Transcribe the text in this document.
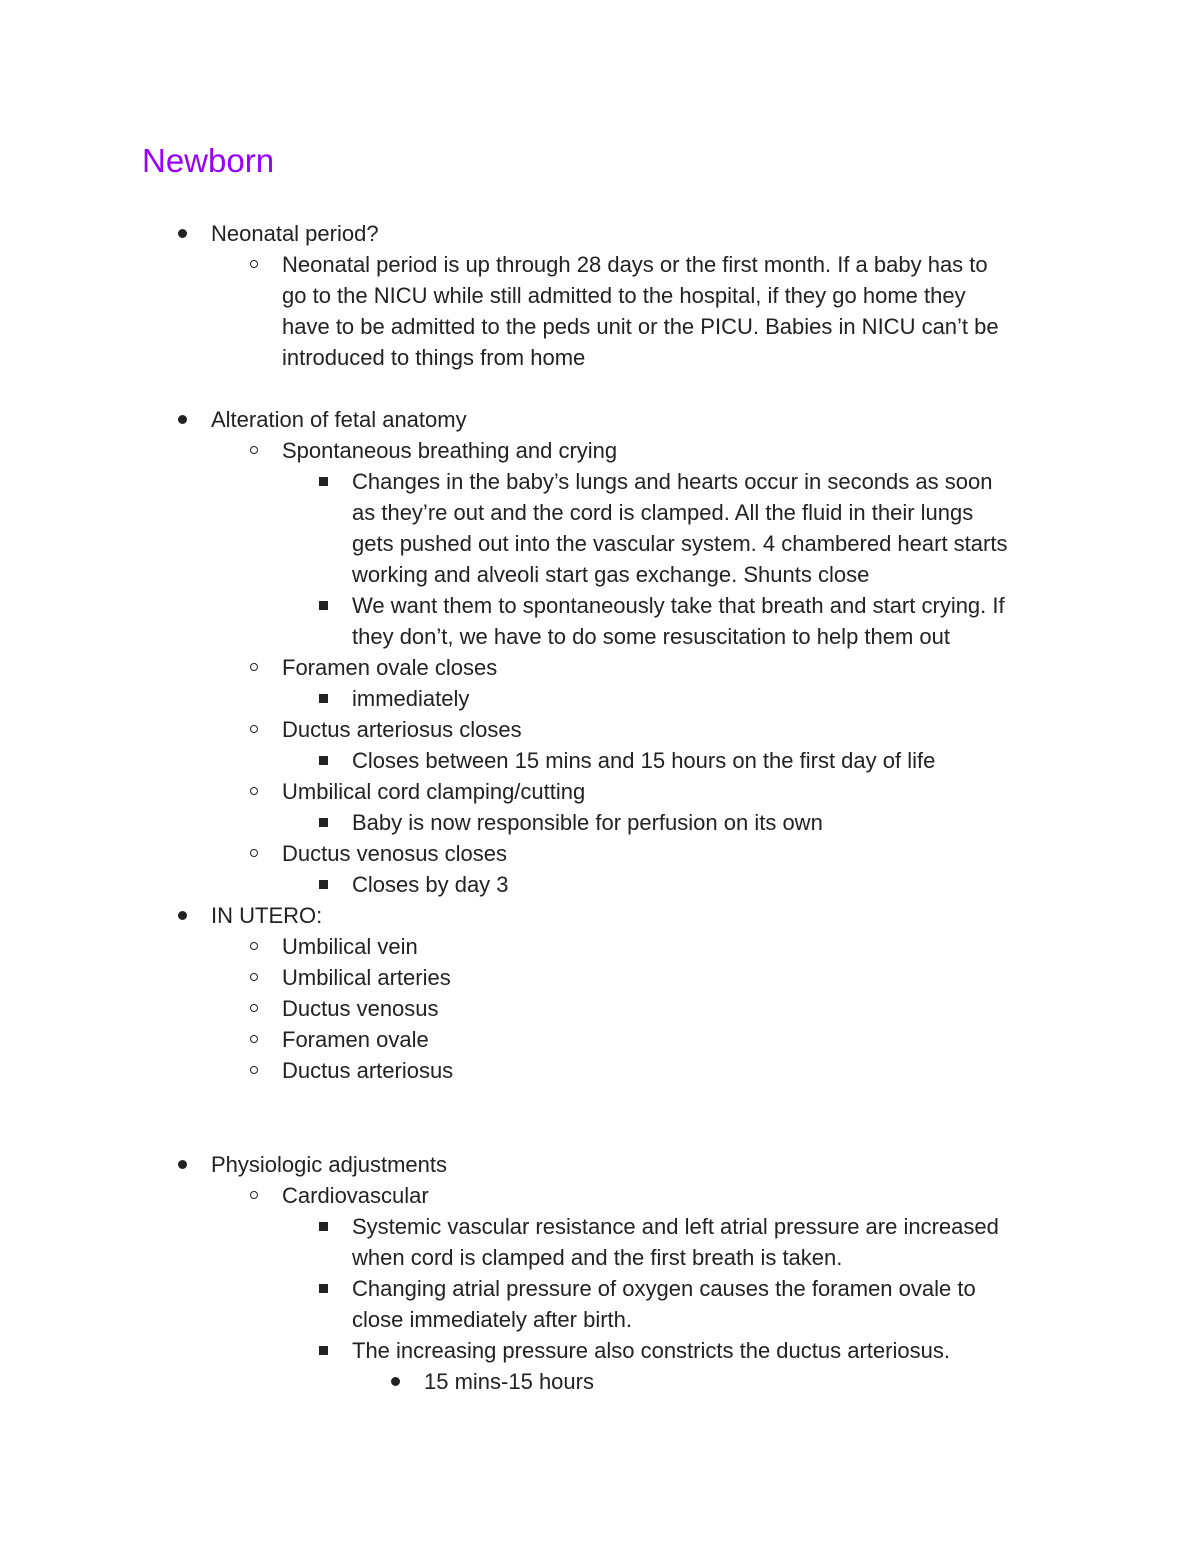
Newborn
Neonatal period?
Neonatal period is up through 28 days or the first month. If a baby has to
go to the NICU while still admitted to the hospital, if they go home they
have to be admitted to the peds unit or the PICU. Babies in NICU can’t be
introduced to things from home
Alteration of fetal anatomy
Spontaneous breathing and crying
Changes in the baby’s lungs and hearts occur in seconds as soon
as they’re out and the cord is clamped. All the fluid in their lungs
gets pushed out into the vascular system. 4 chambered heart starts
working and alveoli start gas exchange. Shunts close
We want them to spontaneously take that breath and start crying. If
they don’t, we have to do some resuscitation to help them out
Foramen ovale closes
immediately
Ductus arteriosus closes
Closes between 15 mins and 15 hours on the first day of life
Umbilical cord clamping/cutting
Baby is now responsible for perfusion on its own
Ductus venosus closes
Closes by day 3
IN UTERO:
Umbilical vein
Umbilical arteries
Ductus venosus
Foramen ovale
Ductus arteriosus
Physiologic adjustments
Cardiovascular
Systemic vascular resistance and left atrial pressure are increased
when cord is clamped and the first breath is taken.
Changing atrial pressure of oxygen causes the foramen ovale to
close immediately after birth.
The increasing pressure also constricts the ductus arteriosus.
15 mins-15 hours
